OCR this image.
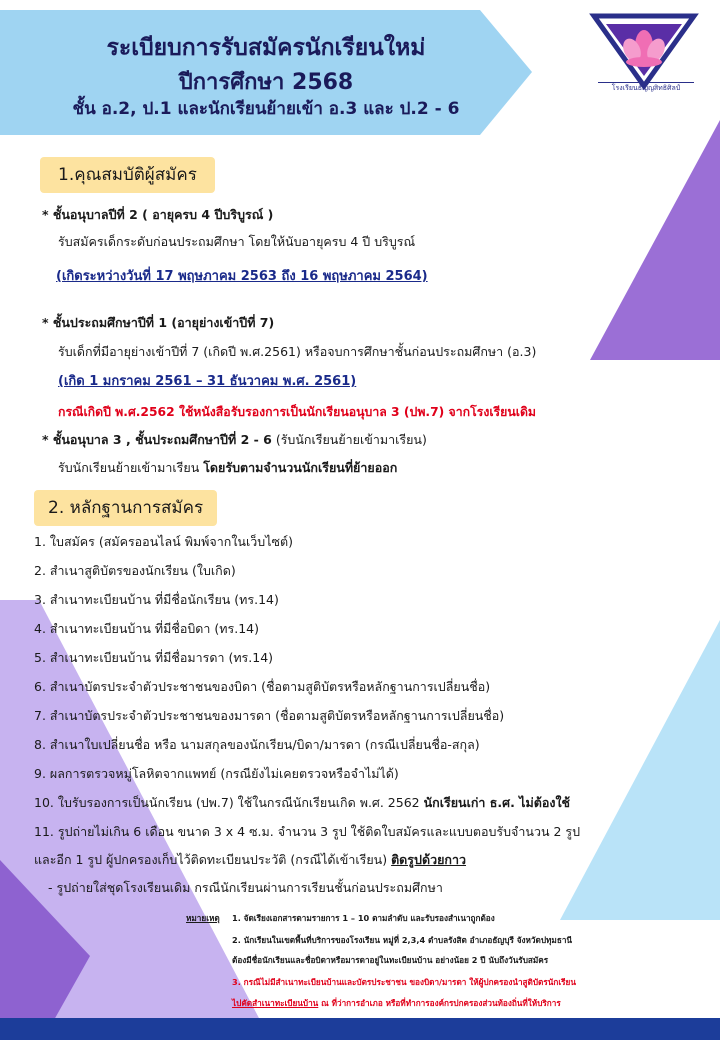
ระเบียบการรับสมัครนักเรียนใหม่
ปีการศึกษา 2568
ชั้น อ.2, ป.1 และนักเรียนย้ายเข้า อ.3 และ ป.2 - 6
โรงเรียนธัญญสิทธิศิลป์
1.คุณสมบัติผู้สมัคร
* ชั้นอนุบาลปีที่ 2 ( อายุครบ 4 ปีบริบูรณ์ )
รับสมัครเด็กระดับก่อนประถมศึกษา โดยให้นับอายุครบ 4 ปี บริบูรณ์
(เกิดระหว่างวันที่ 17 พฤษภาคม 2563 ถึง 16 พฤษภาคม 2564)
* ชั้นประถมศึกษาปีที่ 1 (อายุย่างเข้าปีที่ 7)
รับเด็กที่มีอายุย่างเข้าปีที่ 7 (เกิดปี พ.ศ.2561) หรือจบการศึกษาชั้นก่อนประถมศึกษา (อ.3)
(เกิด 1 มกราคม 2561 – 31 ธันวาคม พ.ศ. 2561)
กรณีเกิดปี พ.ศ.2562 ใช้หนังสือรับรองการเป็นนักเรียนอนุบาล 3 (ปพ.7) จากโรงเรียนเดิม
* ชั้นอนุบาล 3 , ชั้นประถมศึกษาปีที่ 2 - 6 (รับนักเรียนย้ายเข้ามาเรียน)
รับนักเรียนย้ายเข้ามาเรียน โดยรับตามจำนวนนักเรียนที่ย้ายออก
2. หลักฐานการสมัคร
1. ใบสมัคร (สมัครออนไลน์ พิมพ์จากในเว็บไซต์)
2. สำเนาสูติบัตรของนักเรียน (ใบเกิด)
3. สำเนาทะเบียนบ้าน ที่มีชื่อนักเรียน (ทร.14)
4. สำเนาทะเบียนบ้าน ที่มีชื่อบิดา (ทร.14)
5. สำเนาทะเบียนบ้าน ที่มีชื่อมารดา (ทร.14)
6. สำเนาบัตรประจำตัวประชาชนของบิดา (ชื่อตามสูติบัตรหรือหลักฐานการเปลี่ยนชื่อ)
7. สำเนาบัตรประจำตัวประชาชนของมารดา (ชื่อตามสูติบัตรหรือหลักฐานการเปลี่ยนชื่อ)
8. สำเนาใบเปลี่ยนชื่อ หรือ นามสกุลของนักเรียน/บิดา/มารดา (กรณีเปลี่ยนชื่อ-สกุล)
9. ผลการตรวจหมู่โลหิตจากแพทย์ (กรณียังไม่เคยตรวจหรือจำไม่ได้)
10. ใบรับรองการเป็นนักเรียน (ปพ.7) ใช้ในกรณีนักเรียนเกิด พ.ศ. 2562 นักเรียนเก่า ธ.ศ. ไม่ต้องใช้
11. รูปถ่ายไม่เกิน 6 เดือน ขนาด 3 x 4 ซ.ม. จำนวน 3 รูป ใช้ติดใบสมัครและแบบตอบรับจำนวน 2 รูป
และอีก 1 รูป ผู้ปกครองเก็บไว้ติดทะเบียนประวัติ (กรณีได้เข้าเรียน) ติดรูปด้วยกาว
- รูปถ่ายใส่ชุดโรงเรียนเดิม กรณีนักเรียนผ่านการเรียนชั้นก่อนประถมศึกษา
หมายเหตุ 1. จัดเรียงเอกสารตามรายการ 1 – 10 ตามลำดับ และรับรองสำเนาถูกต้อง
2. นักเรียนในเขตพื้นที่บริการของโรงเรียน หมู่ที่ 2,3,4 ตำบลรังสิต อำเภอธัญบุรี จังหวัดปทุมธานี
ต้องมีชื่อนักเรียนและชื่อบิดาหรือมารดาอยู่ในทะเบียนบ้าน อย่างน้อย 2 ปี นับถึงวันรับสมัคร
3. กรณีไม่มีสำเนาทะเบียนบ้านและบัตรประชาชน ของบิดา/มารดา ให้ผู้ปกครองนำสูติบัตรนักเรียน
ไปคัดสำเนาทะเบียนบ้าน ณ ที่ว่าการอำเภอ หรือที่ทำการองค์กรปกครองส่วนท้องถิ่นที่ให้บริการ
